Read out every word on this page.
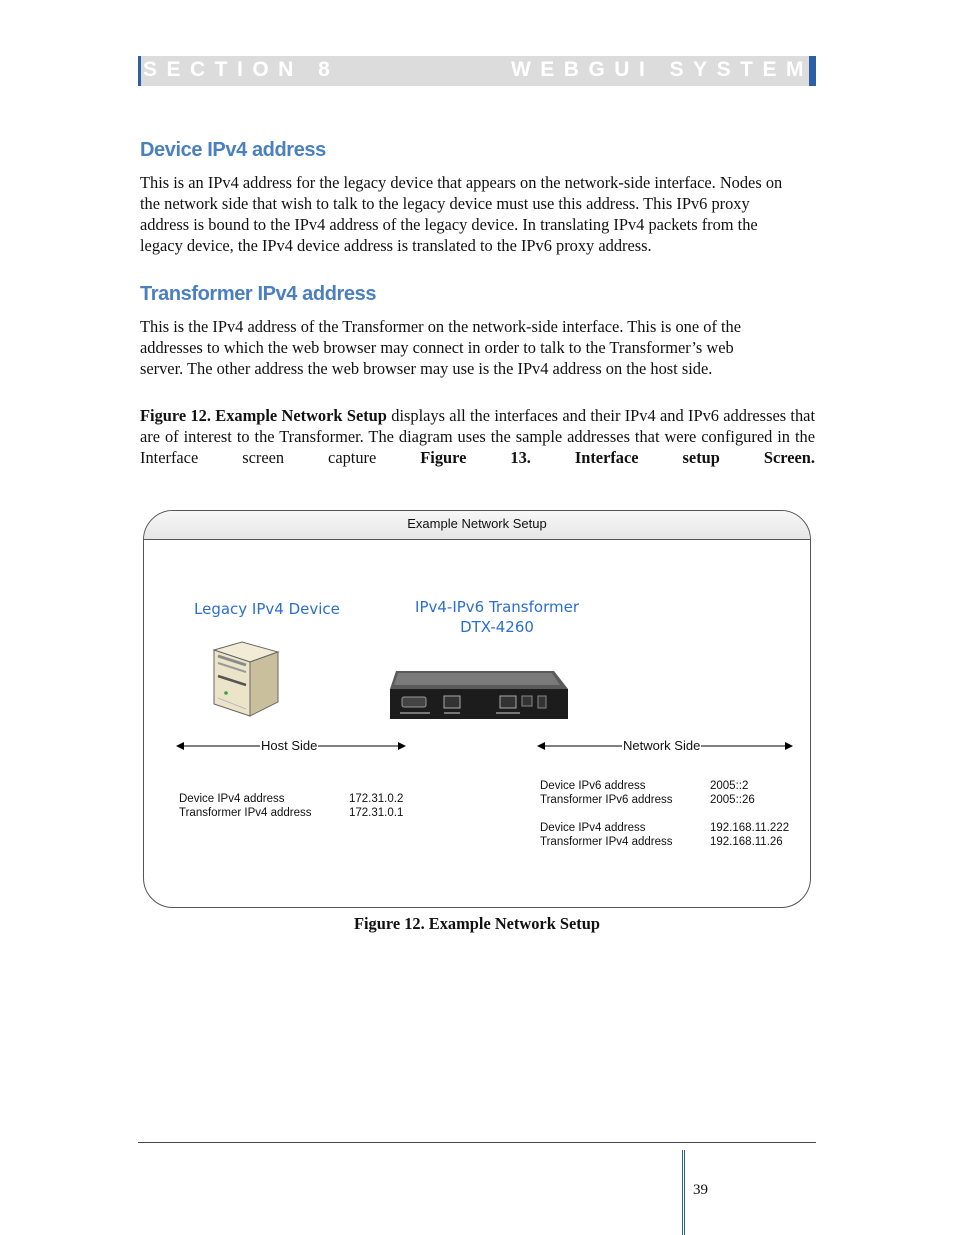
SECTION 8	WEBGUI SYSTEM
Device IPv4 address

This is an IPv4 address for the legacy device that appears on the network-side interface. Nodes on the network side that wish to talk to the legacy device must use this address. This IPv6 proxy address is bound to the IPv4 address of the legacy device. In translating IPv4 packets from the legacy device, the IPv4 device address is translated to the IPv6 proxy address.

Transformer IPv4 address

This is the IPv4 address of the Transformer on the network-side interface. This is one of the addresses to which the web browser may connect in order to talk to the Transformer’s web server. The other address the web browser may use is the IPv4 address on the host side.

Figure 12. Example Network Setup displays all the interfaces and their IPv4 and IPv6 addresses that are of interest to the Transformer. The diagram uses the sample addresses that were configured in the Interface screen capture Figure 13. Interface setup Screen.

Example Network Setup
Legacy IPv4 Device	IPv4-IPv6 Transformer
DTX-4260
Host Side	Network Side
Device IPv4 address	172.31.0.2
Transformer IPv4 address	172.31.0.1
Device IPv6 address	2005::2
Transformer IPv6 address	2005::26
Device IPv4 address	192.168.11.222
Transformer IPv4 address	192.168.11.26
Figure 12. Example Network Setup
39
